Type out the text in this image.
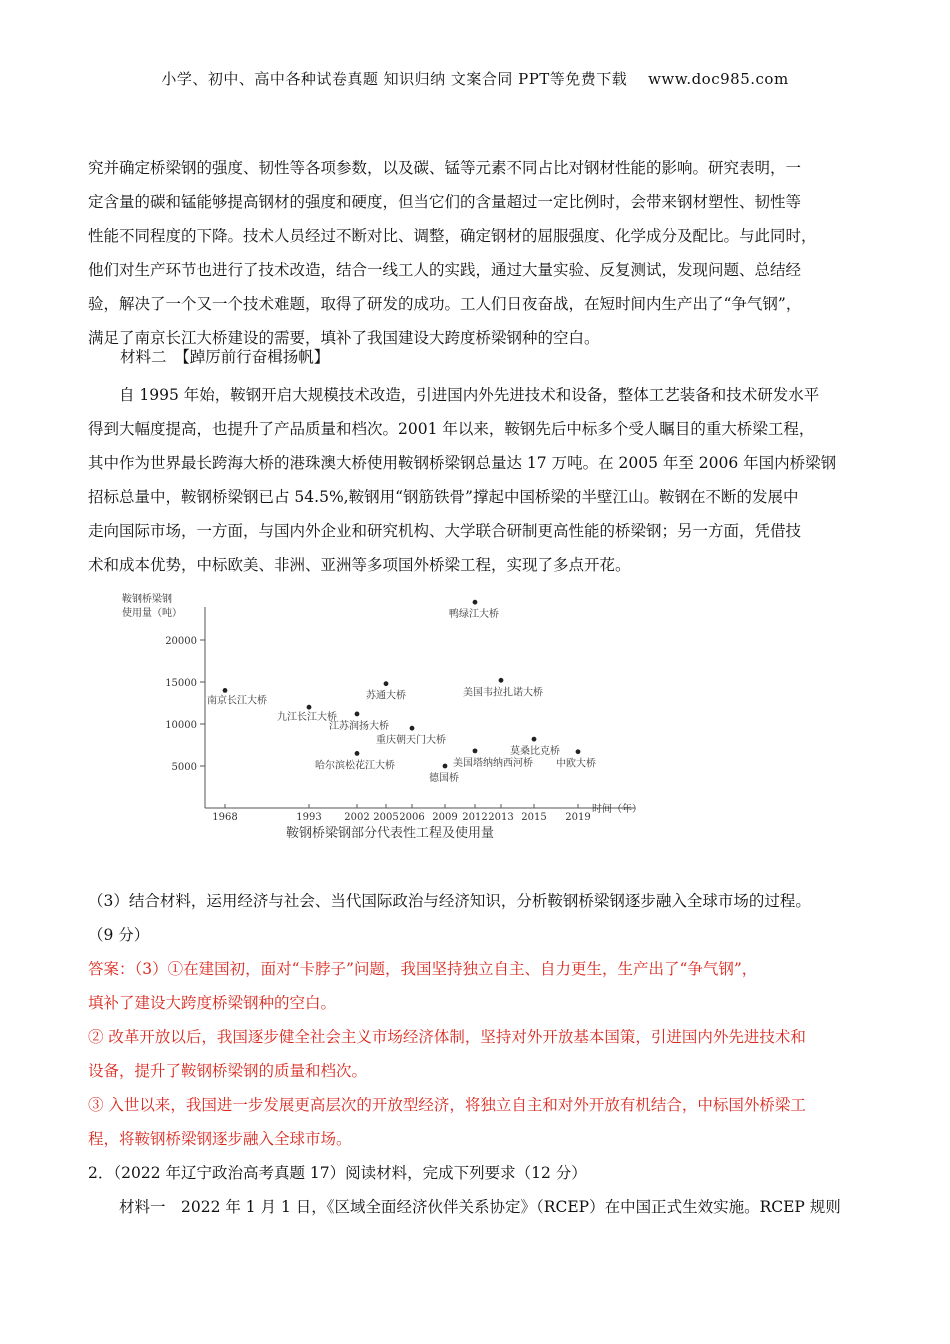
小学、初中、高中各种试卷真题 知识归纳 文案合同 PPT等免费下载　 www.doc985.com

究并确定桥梁钢的强度、韧性等各项参数，以及碳、锰等元素不同占比对钢材性能的影响。研究表明，一

定含量的碳和锰能够提高钢材的强度和硬度，但当它们的含量超过一定比例时，会带来钢材塑性、韧性等

性能不同程度的下降。技术人员经过不断对比、调整，确定钢材的屈服强度、化学成分及配比。与此同时，

他们对生产环节也进行了技术改造，结合一线工人的实践，通过大量实验、反复测试，发现问题、总结经

验，解决了一个又一个技术难题，取得了研发的成功。工人们日夜奋战，在短时间内生产出了“争气钢”，

满足了南京长江大桥建设的需要，填补了我国建设大跨度桥梁钢种的空白。

材料二　【踔厉前行奋楫扬帆】

自 1995 年始，鞍钢开启大规模技术改造，引进国内外先进技术和设备，整体工艺装备和技术研发水平

得到大幅度提高，也提升了产品质量和档次。2001 年以来，鞍钢先后中标多个受人瞩目的重大桥梁工程，

其中作为世界最长跨海大桥的港珠澳大桥使用鞍钢桥梁钢总量达 17 万吨。在 2005 年至 2006 年国内桥梁钢

招标总量中，鞍钢桥梁钢已占 54.5%,鞍钢用“钢筋铁骨”撑起中国桥梁的半壁江山。鞍钢在不断的发展中

走向国际市场，一方面，与国内外企业和研究机构、大学联合研制更高性能的桥梁钢；另一方面，凭借技

术和成本优势，中标欧美、非洲、亚洲等多项国外桥梁工程，实现了多点开花。

鞍钢桥梁钢
使用量（吨）
5000
10000
15000
20000
1968	1993 2002 2005 2006 2009 2012 2013 2015 2019
南京长江大桥
九江长江大桥
江苏润扬大桥
哈尔滨松花江大桥
苏通大桥
重庆朝天门大桥
德国桥
鸭绿江大桥
美国塔纳纳西河桥
美国韦拉扎诺大桥
莫桑比克桥
中欧大桥
时间（年）
鞍钢桥梁钢部分代表性工程及使用量

（3）结合材料，运用经济与社会、当代国际政治与经济知识，分析鞍钢桥梁钢逐步融入全球市场的过程。

（9 分）

答案：（3）①在建国初，面对“卡脖子”问题，我国坚持独立自主、自力更生，生产出了“争气钢”，

填补了建设大跨度桥梁钢种的空白。

② 改革开放以后，我国逐步健全社会主义市场经济体制，坚持对外开放基本国策，引进国内外先进技术和

设备，提升了鞍钢桥梁钢的质量和档次。

③ 入世以来，我国进一步发展更高层次的开放型经济，将独立自主和对外开放有机结合，中标国外桥梁工

程，将鞍钢桥梁钢逐步融入全球市场。

2．（2022 年辽宁政治高考真题 17）阅读材料，完成下列要求（12 分）

材料一　2022 年 1 月 1 日，《区域全面经济伙伴关系协定》（RCEP）在中国正式生效实施。RCEP 规则
